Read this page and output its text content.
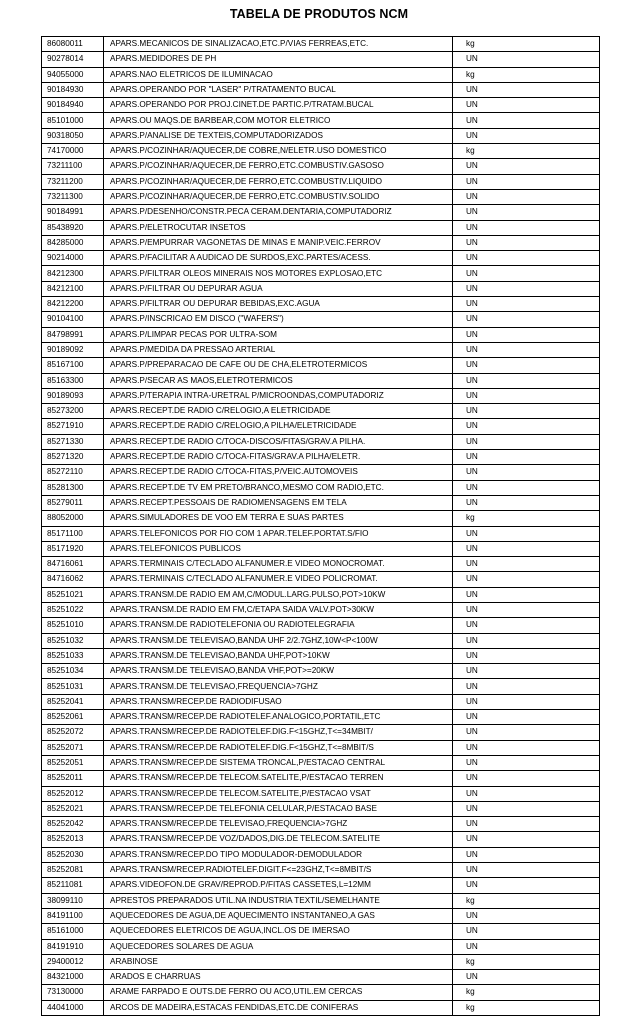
TABELA DE PRODUTOS NCM
86080011	APARS.MECANICOS DE SINALIZACAO,ETC.P/VIAS FERREAS,ETC.	kg
90278014	APARS.MEDIDORES DE PH	UN
94055000	APARS.NAO ELETRICOS DE ILUMINACAO	kg
90184930	APARS.OPERANDO POR "LASER" P/TRATAMENTO BUCAL	UN
90184940	APARS.OPERANDO POR PROJ.CINET.DE PARTIC.P/TRATAM.BUCAL	UN
85101000	APARS.OU MAQS.DE BARBEAR,COM MOTOR ELETRICO	UN
90318050	APARS.P/ANALISE DE TEXTEIS,COMPUTADORIZADOS	UN
74170000	APARS.P/COZINHAR/AQUECER,DE COBRE,N/ELETR.USO DOMESTICO	kg
73211100	APARS.P/COZINHAR/AQUECER,DE FERRO,ETC.COMBUSTIV.GASOSO	UN
73211200	APARS.P/COZINHAR/AQUECER,DE FERRO,ETC.COMBUSTIV.LIQUIDO	UN
73211300	APARS.P/COZINHAR/AQUECER,DE FERRO,ETC.COMBUSTIV.SOLIDO	UN
90184991	APARS.P/DESENHO/CONSTR.PECA CERAM.DENTARIA,COMPUTADORIZ	UN
85438920	APARS.P/ELETROCUTAR INSETOS	UN
84285000	APARS.P/EMPURRAR VAGONETAS DE MINAS E MANIP.VEIC.FERROV	UN
90214000	APARS.P/FACILITAR A AUDICAO DE SURDOS,EXC.PARTES/ACESS.	UN
84212300	APARS.P/FILTRAR OLEOS MINERAIS NOS MOTORES EXPLOSAO,ETC	UN
84212100	APARS.P/FILTRAR OU DEPURAR AGUA	UN
84212200	APARS.P/FILTRAR OU DEPURAR BEBIDAS,EXC.AGUA	UN
90104100	APARS.P/INSCRICAO EM DISCO ("WAFERS")	UN
84798991	APARS.P/LIMPAR PECAS POR ULTRA-SOM	UN
90189092	APARS.P/MEDIDA DA PRESSAO ARTERIAL	UN
85167100	APARS.P/PREPARACAO DE CAFE OU DE CHA,ELETROTERMICOS	UN
85163300	APARS.P/SECAR AS MAOS,ELETROTERMICOS	UN
90189093	APARS.P/TERAPIA INTRA-URETRAL P/MICROONDAS,COMPUTADORIZ	UN
85273200	APARS.RECEPT.DE RADIO C/RELOGIO,A ELETRICIDADE	UN
85271910	APARS.RECEPT.DE RADIO C/RELOGIO,A PILHA/ELETRICIDADE	UN
85271330	APARS.RECEPT.DE RADIO C/TOCA-DISCOS/FITAS/GRAV.A PILHA.	UN
85271320	APARS.RECEPT.DE RADIO C/TOCA-FITAS/GRAV.A PILHA/ELETR.	UN
85272110	APARS.RECEPT.DE RADIO C/TOCA-FITAS,P/VEIC.AUTOMOVEIS	UN
85281300	APARS.RECEPT.DE TV EM PRETO/BRANCO,MESMO COM RADIO,ETC.	UN
85279011	APARS.RECEPT.PESSOAIS DE RADIOMENSAGENS EM TELA	UN
88052000	APARS.SIMULADORES DE VOO EM TERRA E SUAS PARTES	kg
85171100	APARS.TELEFONICOS POR FIO COM 1 APAR.TELEF.PORTAT.S/FIO	UN
85171920	APARS.TELEFONICOS PUBLICOS	UN
84716061	APARS.TERMINAIS C/TECLADO ALFANUMER.E VIDEO MONOCROMAT.	UN
84716062	APARS.TERMINAIS C/TECLADO ALFANUMER.E VIDEO POLICROMAT.	UN
85251021	APARS.TRANSM.DE RADIO EM AM,C/MODUL.LARG.PULSO,POT>10KW	UN
85251022	APARS.TRANSM.DE RADIO EM FM,C/ETAPA SAIDA VALV.POT>30KW	UN
85251010	APARS.TRANSM.DE RADIOTELEFONIA OU RADIOTELEGRAFIA	UN
85251032	APARS.TRANSM.DE TELEVISAO,BANDA UHF 2/2.7GHZ,10W<P<100W	UN
85251033	APARS.TRANSM.DE TELEVISAO,BANDA UHF,POT>10KW	UN
85251034	APARS.TRANSM.DE TELEVISAO,BANDA VHF,POT>=20KW	UN
85251031	APARS.TRANSM.DE TELEVISAO,FREQUENCIA>7GHZ	UN
85252041	APARS.TRANSM/RECEP.DE RADIODIFUSAO	UN
85252061	APARS.TRANSM/RECEP.DE RADIOTELEF.ANALOGICO,PORTATIL,ETC	UN
85252072	APARS.TRANSM/RECEP.DE RADIOTELEF.DIG.F<15GHZ,T<=34MBIT/	UN
85252071	APARS.TRANSM/RECEP.DE RADIOTELEF.DIG.F<15GHZ,T<=8MBIT/S	UN
85252051	APARS.TRANSM/RECEP.DE SISTEMA TRONCAL,P/ESTACAO CENTRAL	UN
85252011	APARS.TRANSM/RECEP.DE TELECOM.SATELITE,P/ESTACAO TERREN	UN
85252012	APARS.TRANSM/RECEP.DE TELECOM.SATELITE,P/ESTACAO VSAT	UN
85252021	APARS.TRANSM/RECEP.DE TELEFONIA CELULAR,P/ESTACAO BASE	UN
85252042	APARS.TRANSM/RECEP.DE TELEVISAO,FREQUENCIA>7GHZ	UN
85252013	APARS.TRANSM/RECEP.DE VOZ/DADOS,DIG.DE TELECOM.SATELITE	UN
85252030	APARS.TRANSM/RECEP.DO TIPO MODULADOR-DEMODULADOR	UN
85252081	APARS.TRANSM/RECEP.RADIOTELEF.DIGIT.F<=23GHZ,T<=8MBIT/S	UN
85211081	APARS.VIDEOFON.DE GRAV/REPROD.P/FITAS CASSETES,L=12MM	UN
38099110	APRESTOS PREPARADOS UTIL.NA INDUSTRIA TEXTIL/SEMELHANTE	kg
84191100	AQUECEDORES DE AGUA,DE AQUECIMENTO INSTANTANEO,A GAS	UN
85161000	AQUECEDORES ELETRICOS DE AGUA,INCL.OS DE IMERSAO	UN
84191910	AQUECEDORES SOLARES DE AGUA	UN
29400012	ARABINOSE	kg
84321000	ARADOS E CHARRUAS	UN
73130000	ARAME FARPADO E OUTS.DE FERRO OU ACO,UTIL.EM CERCAS	kg
44041000	ARCOS DE MADEIRA,ESTACAS FENDIDAS,ETC.DE CONIFERAS	kg
